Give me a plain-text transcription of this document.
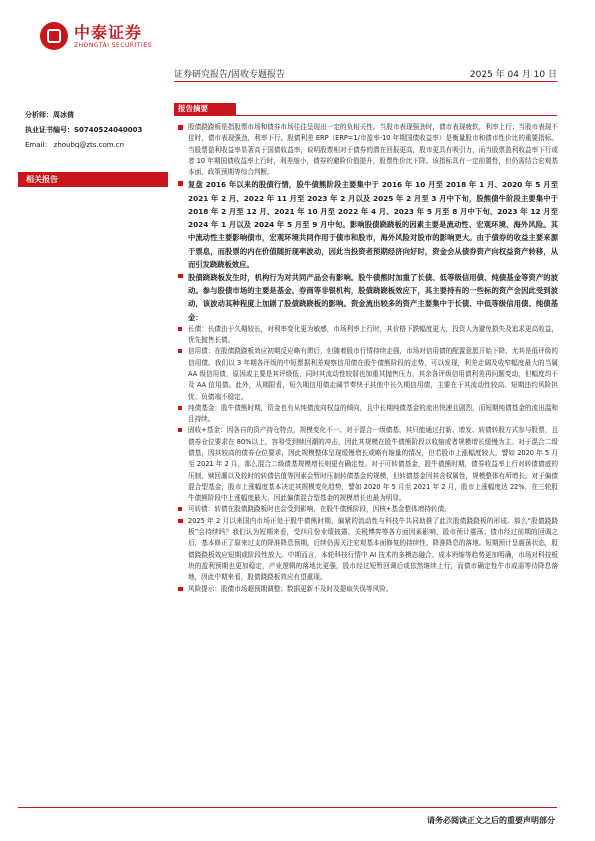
中泰证券
ZHONGTAI SECURITIES
证券研究报告/固收专题报告	2025 年 04 月 10 日
分析师：周冰倩
执业证书编号：S0740524040003
Email： zhoubq@zts.com.cn
相关报告
报告摘要
股债跷跷板是指股票市场和债券市场往往呈现出一定的负相关性。当股市表现强劲时，债市表现疲软，利率上行；当股市表现不佳时，债市表现强劲，利率下行。股债利差 ERP（ERP=1/市盈率-10 年期国债收益率）是衡量股市和债市性价比的重要指标。当股票盈利收益率显著高于国债收益率，说明股票相对于债券的潜在回报更高，股市更具有吸引力，而当股票盈利收益率下行或者 10 年期国债收益率上行时，利差缩小，债券的避险价值提升，股票性价比下降。该指标具有一定前置性，但仍需结合宏观基本面、政策预期等综合判断。
复盘 2016 年以来的股债行情，股牛债熊阶段主要集中于 2016 年 10 月至 2018 年 1 月、2020 年 5 月至 2021 年 2 月、2022 年 11 月至 2023 年 2 月以及 2025 年 2 月至 3 月中下旬，股熊债牛阶段主要集中于 2018 年 2 月至 12 月、2021 年 10 月至 2022 年 4 月、2023 年 5 月至 8 月中下旬、2023 年 12 月至 2024 年 1 月以及 2024 年 5 月至 9 月中旬。影响股债跷跷板的因素主要是流动性、宏观环境、海外风险。其中流动性主要影响债市，宏观环境共同作用于债市和股市，海外风险对股市的影响更大。由于债券的收益主要来源于票息，而股票的内在价值随折现率波动，因此当投资者预期经济向好时，资金会从债券资产向权益资产转移，从而引发跷跷板效应。
股债跷跷板发生时，机构行为对共同产品会有影响。股牛债熊时加重了长债、低等级信用债、纯债基金等资产的波动。参与股债市场的主要是基金、券商等非银机构，股债跷跷板效应下，其主要持有的一些标的资产会因此受到波动，该波动其种程度上加剧了股债跷跷板的影响。资金流出较多的资产主要集中于长债、中低等级信用债、纯债基金：
长债：长债由于久期较长，对利率变化更为敏感，市场利率上行时，其价格下跌幅度更大，投资人为避免损失及追求更高收益，优先抛售长债。
信用债：在股债跷跷板效应初期反应略有滞后，但随着股市行情持续走强，市场对信用债的配置意愿开始下降，尤其是低评级的信用债。我们以 3 年期各评级的中短票据利差观察信用债在股牛债熊阶段的走势，可以发现，利差走阔及收窄幅度最大的当属 AA 级信用债，原因或主要是其评级低，同时其流动性较弱也加重其抛售压力，其余各评级信用债利差再问题变动，但幅度均不及 AA 信用债。此外，从期限看，短久期信用债走阔节奏快于其他中长久期信用债，主要在于其流动性较高、短期违约风险担忧、负债端不稳定。
纯债基金：股牛债熊时期，资金也有从纯债流向权益的倾向，且中长期纯债基金的流出快速且剧烈，而短期纯债基金的流出温和且持续。
固收+基金：因各自的资产持仓特点，规模变化不一。对于混合一级债基，其只能通过打新、增发、转债转股方式参与股票，且债券仓位要求在 80%以上，容易受到赎回潮的冲击，因此其规模在股牛债熊阶段以收缩或者规模增长缓慢为主。对于混合二级债基，因其较高的债券仓位要求，因此规模整体呈现缓慢增长或略有缩量的情况，但若股市上涨幅度较大，譬如 2020 年 5 月至 2021 年 2 月，那么混合二级债基规模增长则更有确定性。对于可转债基金，股牛债熊时期，债券收益率上行对转债债底的压制、赎回潮以及较时的转债估值等因素会暂时压制转债基金的规模，但转债基金因其含权属性，规模整体有所增长。对于偏债混合型基金，股市上涨幅度基本决定其规模变化趋势，譬如 2020 年 5 月至 2021 年 2 月，股市上涨幅度达 22%，在三轮股牛债熊阶段中上涨幅度最大，因此偏债混合型基金的规模增长也最为明显。
可转债：转债在股债跷跷板时也会受到影响，在股牛债熊阶段，因核+基金整体增持转债。
2025 年 2 月以来国内市场正处于股牛债熊时期，偏紧的流动性与科技牛共同助推了此次股债跷跷板的形成。那么“股债跷跷板”会持续吗？我们认为短期来看，受四月份业绩披露、关税博弈等各方面因素影响，股市预计震荡；债市经过前期的回调之后，基本修正了原来过支的降准降息预期，后续仍需关注宏观基本面修复的持续性、降准降息的落地。短期预计呈震荡状态，股债跷跷板效应短期或阶段性放大。中期而言，本轮科技行情中 AI 技术的多模态融合、成本坍缩等趋势更加明确，市场对科技板块的盈利预期也更加稳定，产业逻辑的落地比更强，股市经过短暂回调后或依然继续上行，而债市确定性牛市或需等待降息落地，因此中期来看，股债跷跷板效应有望重现。
风险提示：股债市场超预期调整；数据更新不及时及提取失误等风险。
请务必阅读正文之后的重要声明部分
